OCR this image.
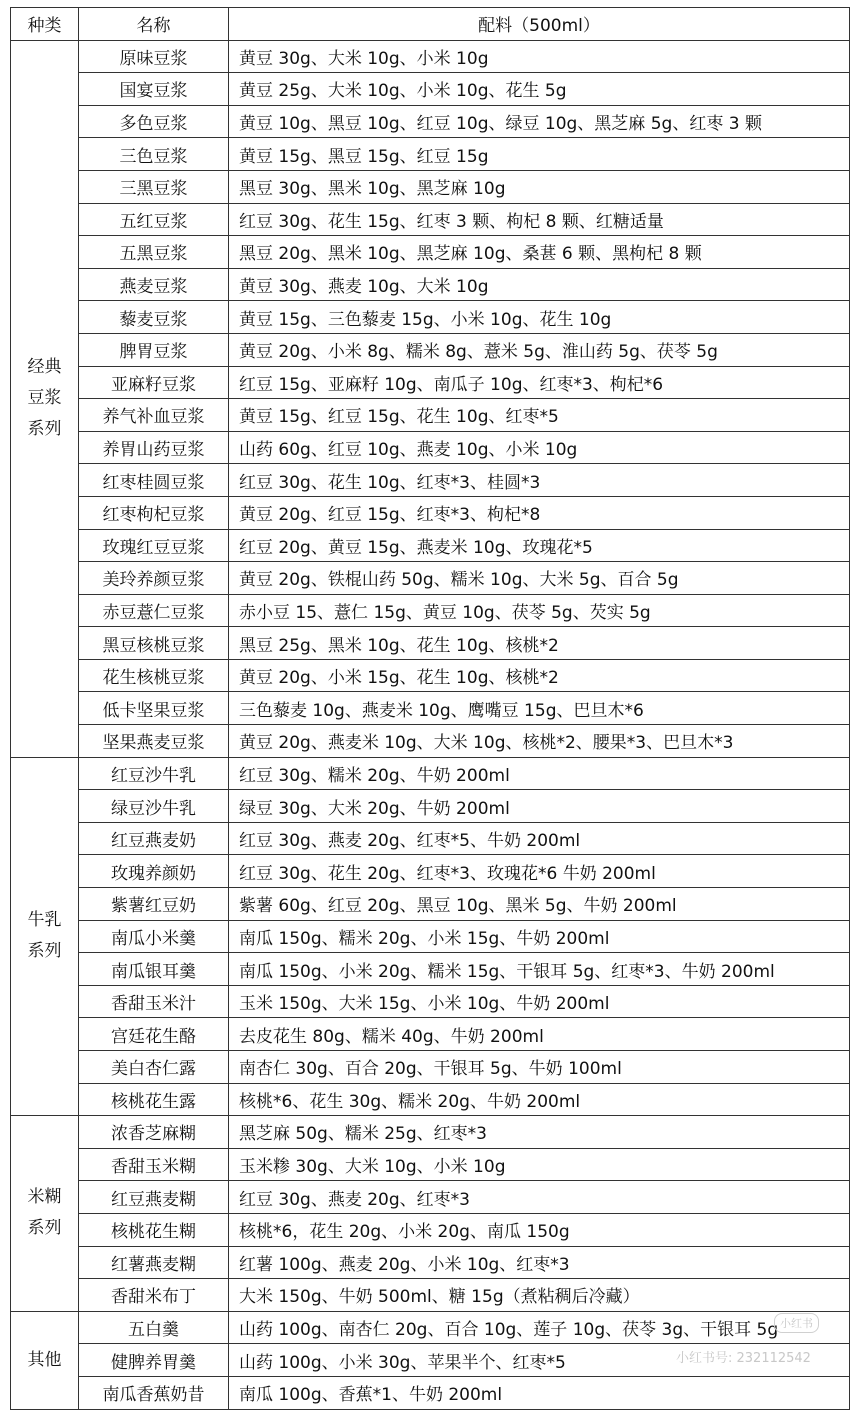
种类	名称	配料（500ml）

经典
豆浆
系列	原味豆浆	黄豆 30g、大米 10g、小米 10g
	国宴豆浆	黄豆 25g、大米 10g、小米 10g、花生 5g
	多色豆浆	黄豆 10g、黑豆 10g、红豆 10g、绿豆 10g、黑芝麻 5g、红枣 3 颗
	三色豆浆	黄豆 15g、黑豆 15g、红豆 15g
	三黑豆浆	黑豆 30g、黑米 10g、黑芝麻 10g
	五红豆浆	红豆 30g、花生 15g、红枣 3 颗、枸杞 8 颗、红糖适量
	五黑豆浆	黑豆 20g、黑米 10g、黑芝麻 10g、桑葚 6 颗、黑枸杞 8 颗
	燕麦豆浆	黄豆 30g、燕麦 10g、大米 10g
	藜麦豆浆	黄豆 15g、三色藜麦 15g、小米 10g、花生 10g
	脾胃豆浆	黄豆 20g、小米 8g、糯米 8g、薏米 5g、淮山药 5g、茯苓 5g
	亚麻籽豆浆	红豆 15g、亚麻籽 10g、南瓜子 10g、红枣*3、枸杞*6
	养气补血豆浆	黄豆 15g、红豆 15g、花生 10g、红枣*5
	养胃山药豆浆	山药 60g、红豆 10g、燕麦 10g、小米 10g
	红枣桂圆豆浆	红豆 30g、花生 10g、红枣*3、桂圆*3
	红枣枸杞豆浆	黄豆 20g、红豆 15g、红枣*3、枸杞*8
	玫瑰红豆豆浆	红豆 20g、黄豆 15g、燕麦米 10g、玫瑰花*5
	美玲养颜豆浆	黄豆 20g、铁棍山药 50g、糯米 10g、大米 5g、百合 5g
	赤豆薏仁豆浆	赤小豆 15、薏仁 15g、黄豆 10g、茯苓 5g、芡实 5g
	黑豆核桃豆浆	黑豆 25g、黑米 10g、花生 10g、核桃*2
	花生核桃豆浆	黄豆 20g、小米 15g、花生 10g、核桃*2
	低卡坚果豆浆	三色藜麦 10g、燕麦米 10g、鹰嘴豆 15g、巴旦木*6
	坚果燕麦豆浆	黄豆 20g、燕麦米 10g、大米 10g、核桃*2、腰果*3、巴旦木*3

牛乳
系列	红豆沙牛乳	红豆 30g、糯米 20g、牛奶 200ml
	绿豆沙牛乳	绿豆 30g、大米 20g、牛奶 200ml
	红豆燕麦奶	红豆 30g、燕麦 20g、红枣*5、牛奶 200ml
	玫瑰养颜奶	红豆 30g、花生 20g、红枣*3、玫瑰花*6 牛奶 200ml
	紫薯红豆奶	紫薯 60g、红豆 20g、黑豆 10g、黑米 5g、牛奶 200ml
	南瓜小米羹	南瓜 150g、糯米 20g、小米 15g、牛奶 200ml
	南瓜银耳羹	南瓜 150g、小米 20g、糯米 15g、干银耳 5g、红枣*3、牛奶 200ml
	香甜玉米汁	玉米 150g、大米 15g、小米 10g、牛奶 200ml
	宫廷花生酪	去皮花生 80g、糯米 40g、牛奶 200ml
	美白杏仁露	南杏仁 30g、百合 20g、干银耳 5g、牛奶 100ml
	核桃花生露	核桃*6、花生 30g、糯米 20g、牛奶 200ml

米糊
系列	浓香芝麻糊	黑芝麻 50g、糯米 25g、红枣*3
	香甜玉米糊	玉米糁 30g、大米 10g、小米 10g
	红豆燕麦糊	红豆 30g、燕麦 20g、红枣*3
	核桃花生糊	核桃*6，花生 20g、小米 20g、南瓜 150g
	红薯燕麦糊	红薯 100g、燕麦 20g、小米 10g、红枣*3
	香甜米布丁	大米 150g、牛奶 500ml、糖 15g（煮粘稠后冷藏）

其他	五白羹	山药 100g、南杏仁 20g、百合 10g、莲子 10g、茯苓 3g、干银耳 5g
	健脾养胃羹	山药 100g、小米 30g、苹果半个、红枣*5
	南瓜香蕉奶昔	南瓜 100g、香蕉*1、牛奶 200ml
小红书
小红书号: 232112542
